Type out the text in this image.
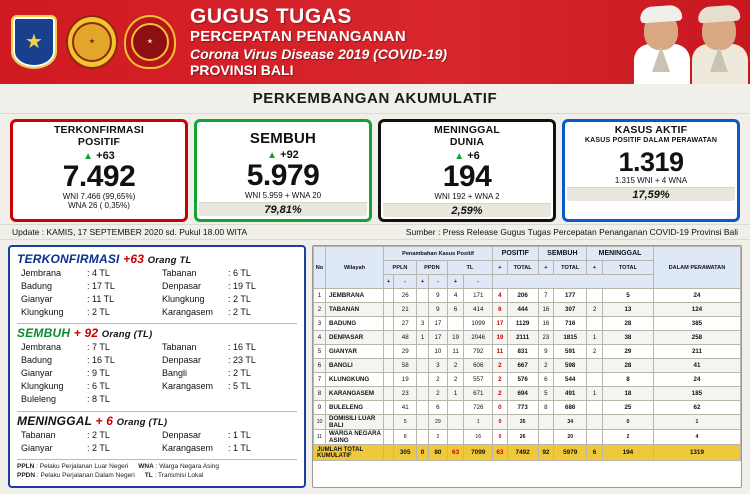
★	★	★
GUGUS TUGAS
PERCEPATAN PENANGANAN
Corona Virus Disease 2019 (COVID-19)
PROVINSI BALI
PERKEMBANGAN AKUMULATIF
TERKONFIRMASI
POSITIF
▲ +63
7.492
WNI 7.466 (99,65%)
WNA 26 ( 0,35%)
SEMBUH
▲ +92
5.979
WNI 5.959 + WNA 20
79,81%
MENINGGAL
DUNIA
▲ +6
194
WNI 192 + WNA 2
2,59%
KASUS AKTIF
KASUS POSITIF DALAM PERAWATAN
1.319
1.315 WNI + 4 WNA
17,59%
Update : KAMIS, 17 SEPTEMBER 2020 sd. Pukul 18.00 WITA	Sumber : Press Release Gugus Tugas Percepatan Penanganan COVID-19 Provinsi Bali
TERKONFIRMASI +63 Orang TL
Jembrana	: 4 TL	Tabanan	: 6 TL
Badung	: 17 TL	Denpasar	: 19 TL
Gianyar	: 11 TL	Klungkung	: 2 TL
Klungkung	: 2 TL	Karangasem	: 2 TL
SEMBUH + 92 Orang (TL)
Jembrana	: 7 TL	Tabanan	: 16 TL
Badung	: 16 TL	Denpasar	: 23 TL
Gianyar	: 9 TL	Bangli	: 2 TL
Klungkung	: 6 TL	Karangasem	: 5 TL
Buleleng	: 8 TL
MENINGGAL + 6 Orang (TL)
Tabanan	: 2 TL	Denpasar	: 1 TL
Gianyar	: 2 TL	Karangasem	: 1 TL
PPLN : Pelaku Perjalanan Luar Negeri WNA : Warga Negara Asing
PPDN : Pelaku Perjalanan Dalam Negeri TL : Transmisi Lokal
No	Wilayah	Penambahan Kasus Positif						POSITIF		SEMBUH		MENINGGAL		DALAM PERAWATAN
		PPLN		PPDN		TL		+	TOTAL	+	TOTAL	+	TOTAL	
		+	-	+	-	+	-							
1	JEMBRANA		26		9	4	171	4	206	7	177		5	24
2	TABANAN		21		9	6	414	6	444	16	307	2	13	124
3	BADUNG		27	3	17		1099	17	1129	16	716		28	385
4	DENPASAR		48	1	17	19	2046	19	2111	23	1815	1	38	258
5	GIANYAR		29		10	11	792	11	831	9	591	2	29	211
6	BANGLI		58		3	2	606	2	667	2	598		28	41
7	KLUNGKUNG		19		2	2	557	2	576	6	544		8	24
8	KARANGASEM		23		2	1	671	2	694	5	491	1	18	185
9	BULELENG		41		6		726	0	773	8	686		25	62
10	DOMISILI LUAR BALI		5		29		1	0	35		34		0	1
11	WARGA NEGARA ASING		8		2		16	0	26		20		2	4
JUMLAH TOTAL KUMULATIF			305	0	80	63	7099	63	7492	92	5979	6	194	1319
